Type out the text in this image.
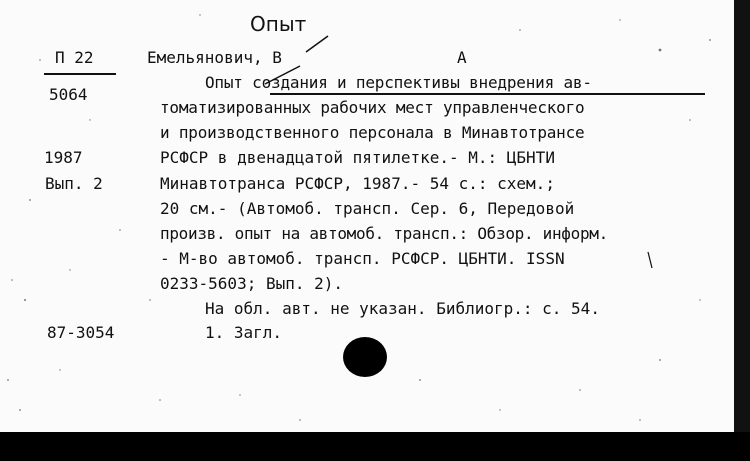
Опыт
П 22
5064
1987
Вып. 2
87-3054
Емельянович, В	А
Опыт создания и перспективы внедрения ав-
томатизированных рабочих мест управленческого
и производственного персонала в Минавтотрансе
РСФСР в двенадцатой пятилетке.- М.: ЦБНТИ
Минавтотранса РСФСР, 1987.- 54 с.: схем.;
20 см.- (Автомоб. трансп. Сер. 6, Передовой
произв. опыт на автомоб. трансп.: Обзор. информ.
- М-во автомоб. трансп. РСФСР. ЦБНТИ. ISSN
0233-5603; Вып. 2).
На обл. авт. не указан. Библиогр.: с. 54.
1. Загл.
